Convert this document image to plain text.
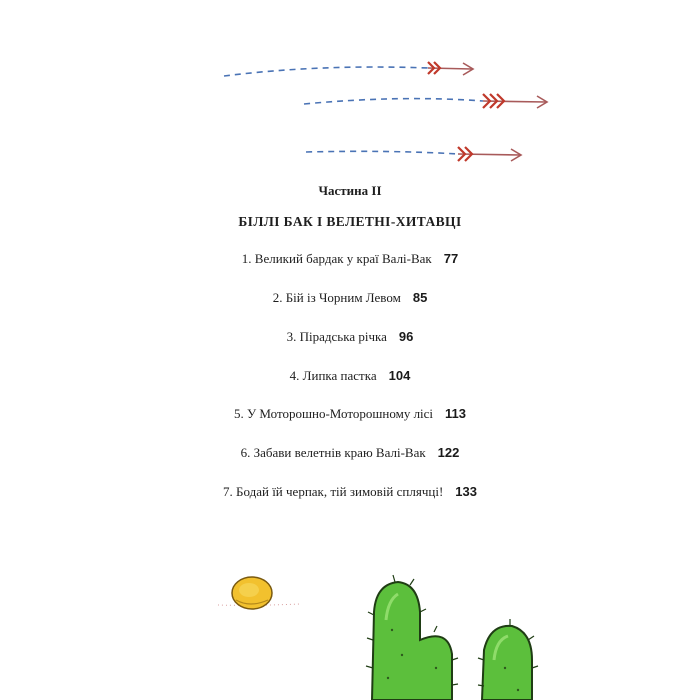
Частина ІІ
БІЛЛІ БАК І ВЕЛЕТНІ-ХИТАВЦІ
1. Великий бардак у краї Валі-Вак 77
2. Бій із Чорним Левом 85
3. Пірадська річка 96
4. Липка пастка 104
5. У Моторошно-Моторошному лісі 113
6. Забави велетнів краю Валі-Вак 122
7. Бодай їй черпак, тій зимовій сплячці! 133
